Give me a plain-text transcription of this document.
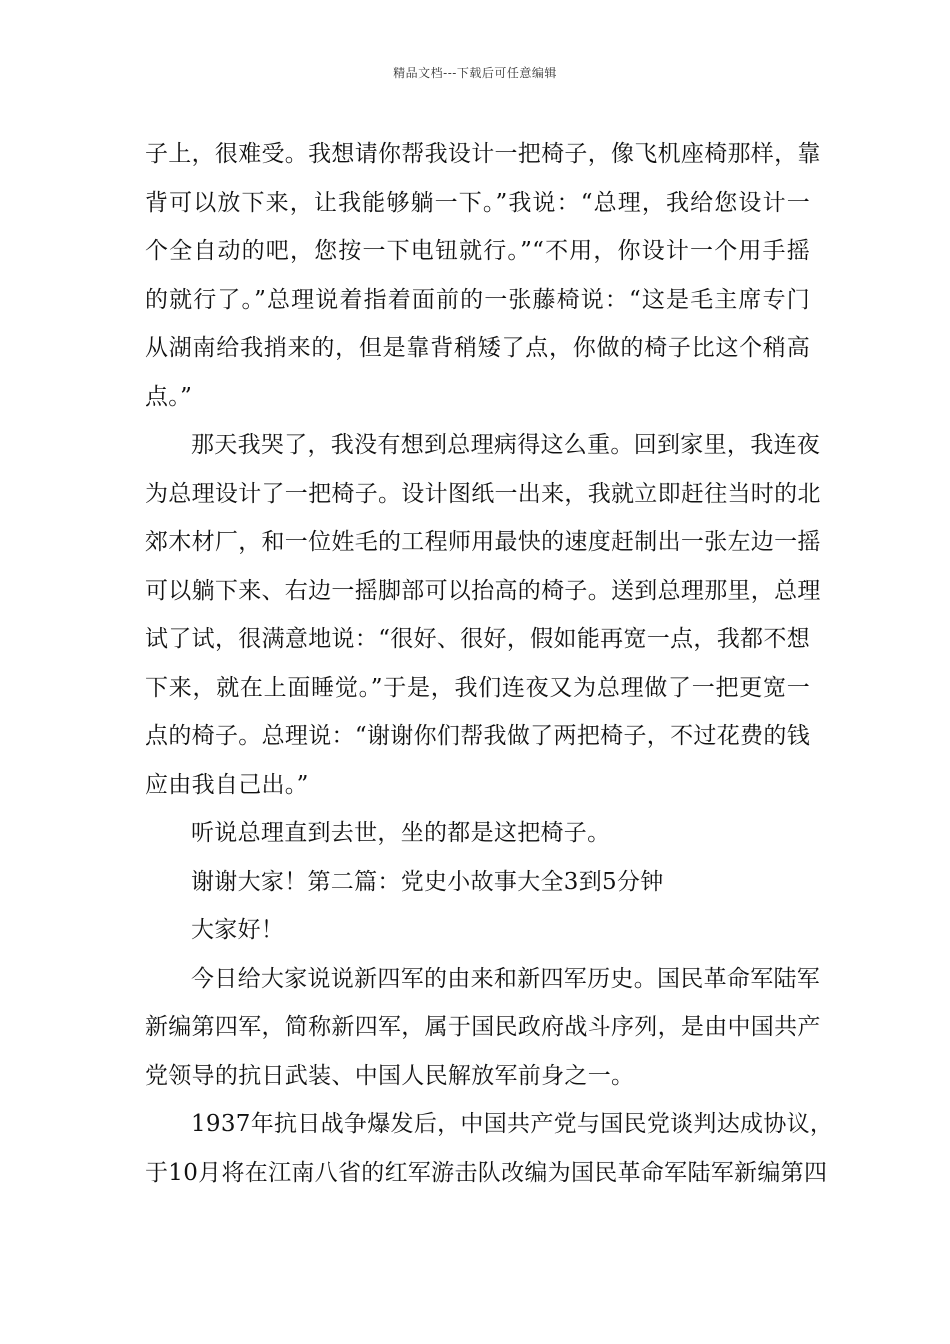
精品文档---下载后可任意编辑
子上，很难受。我想请你帮我设计一把椅子，像飞机座椅那样，靠
背可以放下来，让我能够躺一下。”我说：“总理，我给您设计一
个全自动的吧，您按一下电钮就行。”“不用，你设计一个用手摇
的就行了。”总理说着指着面前的一张藤椅说：“这是毛主席专门
从湖南给我捎来的，但是靠背稍矮了点，你做的椅子比这个稍高
点。”
那天我哭了，我没有想到总理病得这么重。回到家里，我连夜
为总理设计了一把椅子。设计图纸一出来，我就立即赶往当时的北
郊木材厂，和一位姓毛的工程师用最快的速度赶制出一张左边一摇
可以躺下来、右边一摇脚部可以抬高的椅子。送到总理那里，总理
试了试，很满意地说：“很好、很好，假如能再宽一点，我都不想
下来，就在上面睡觉。”于是，我们连夜又为总理做了一把更宽一
点的椅子。总理说：“谢谢你们帮我做了两把椅子，不过花费的钱
应由我自己出。”
听说总理直到去世，坐的都是这把椅子。
谢谢大家！第二篇：党史小故事大全3到5分钟
大家好！
今日给大家说说新四军的由来和新四军历史。国民革命军陆军
新编第四军，简称新四军，属于国民政府战斗序列，是由中国共产
党领导的抗日武装、中国人民解放军前身之一。
1937年抗日战争爆发后，中国共产党与国民党谈判达成协议，
于10月将在江南八省的红军游击队改编为国民革命军陆军新编第四
